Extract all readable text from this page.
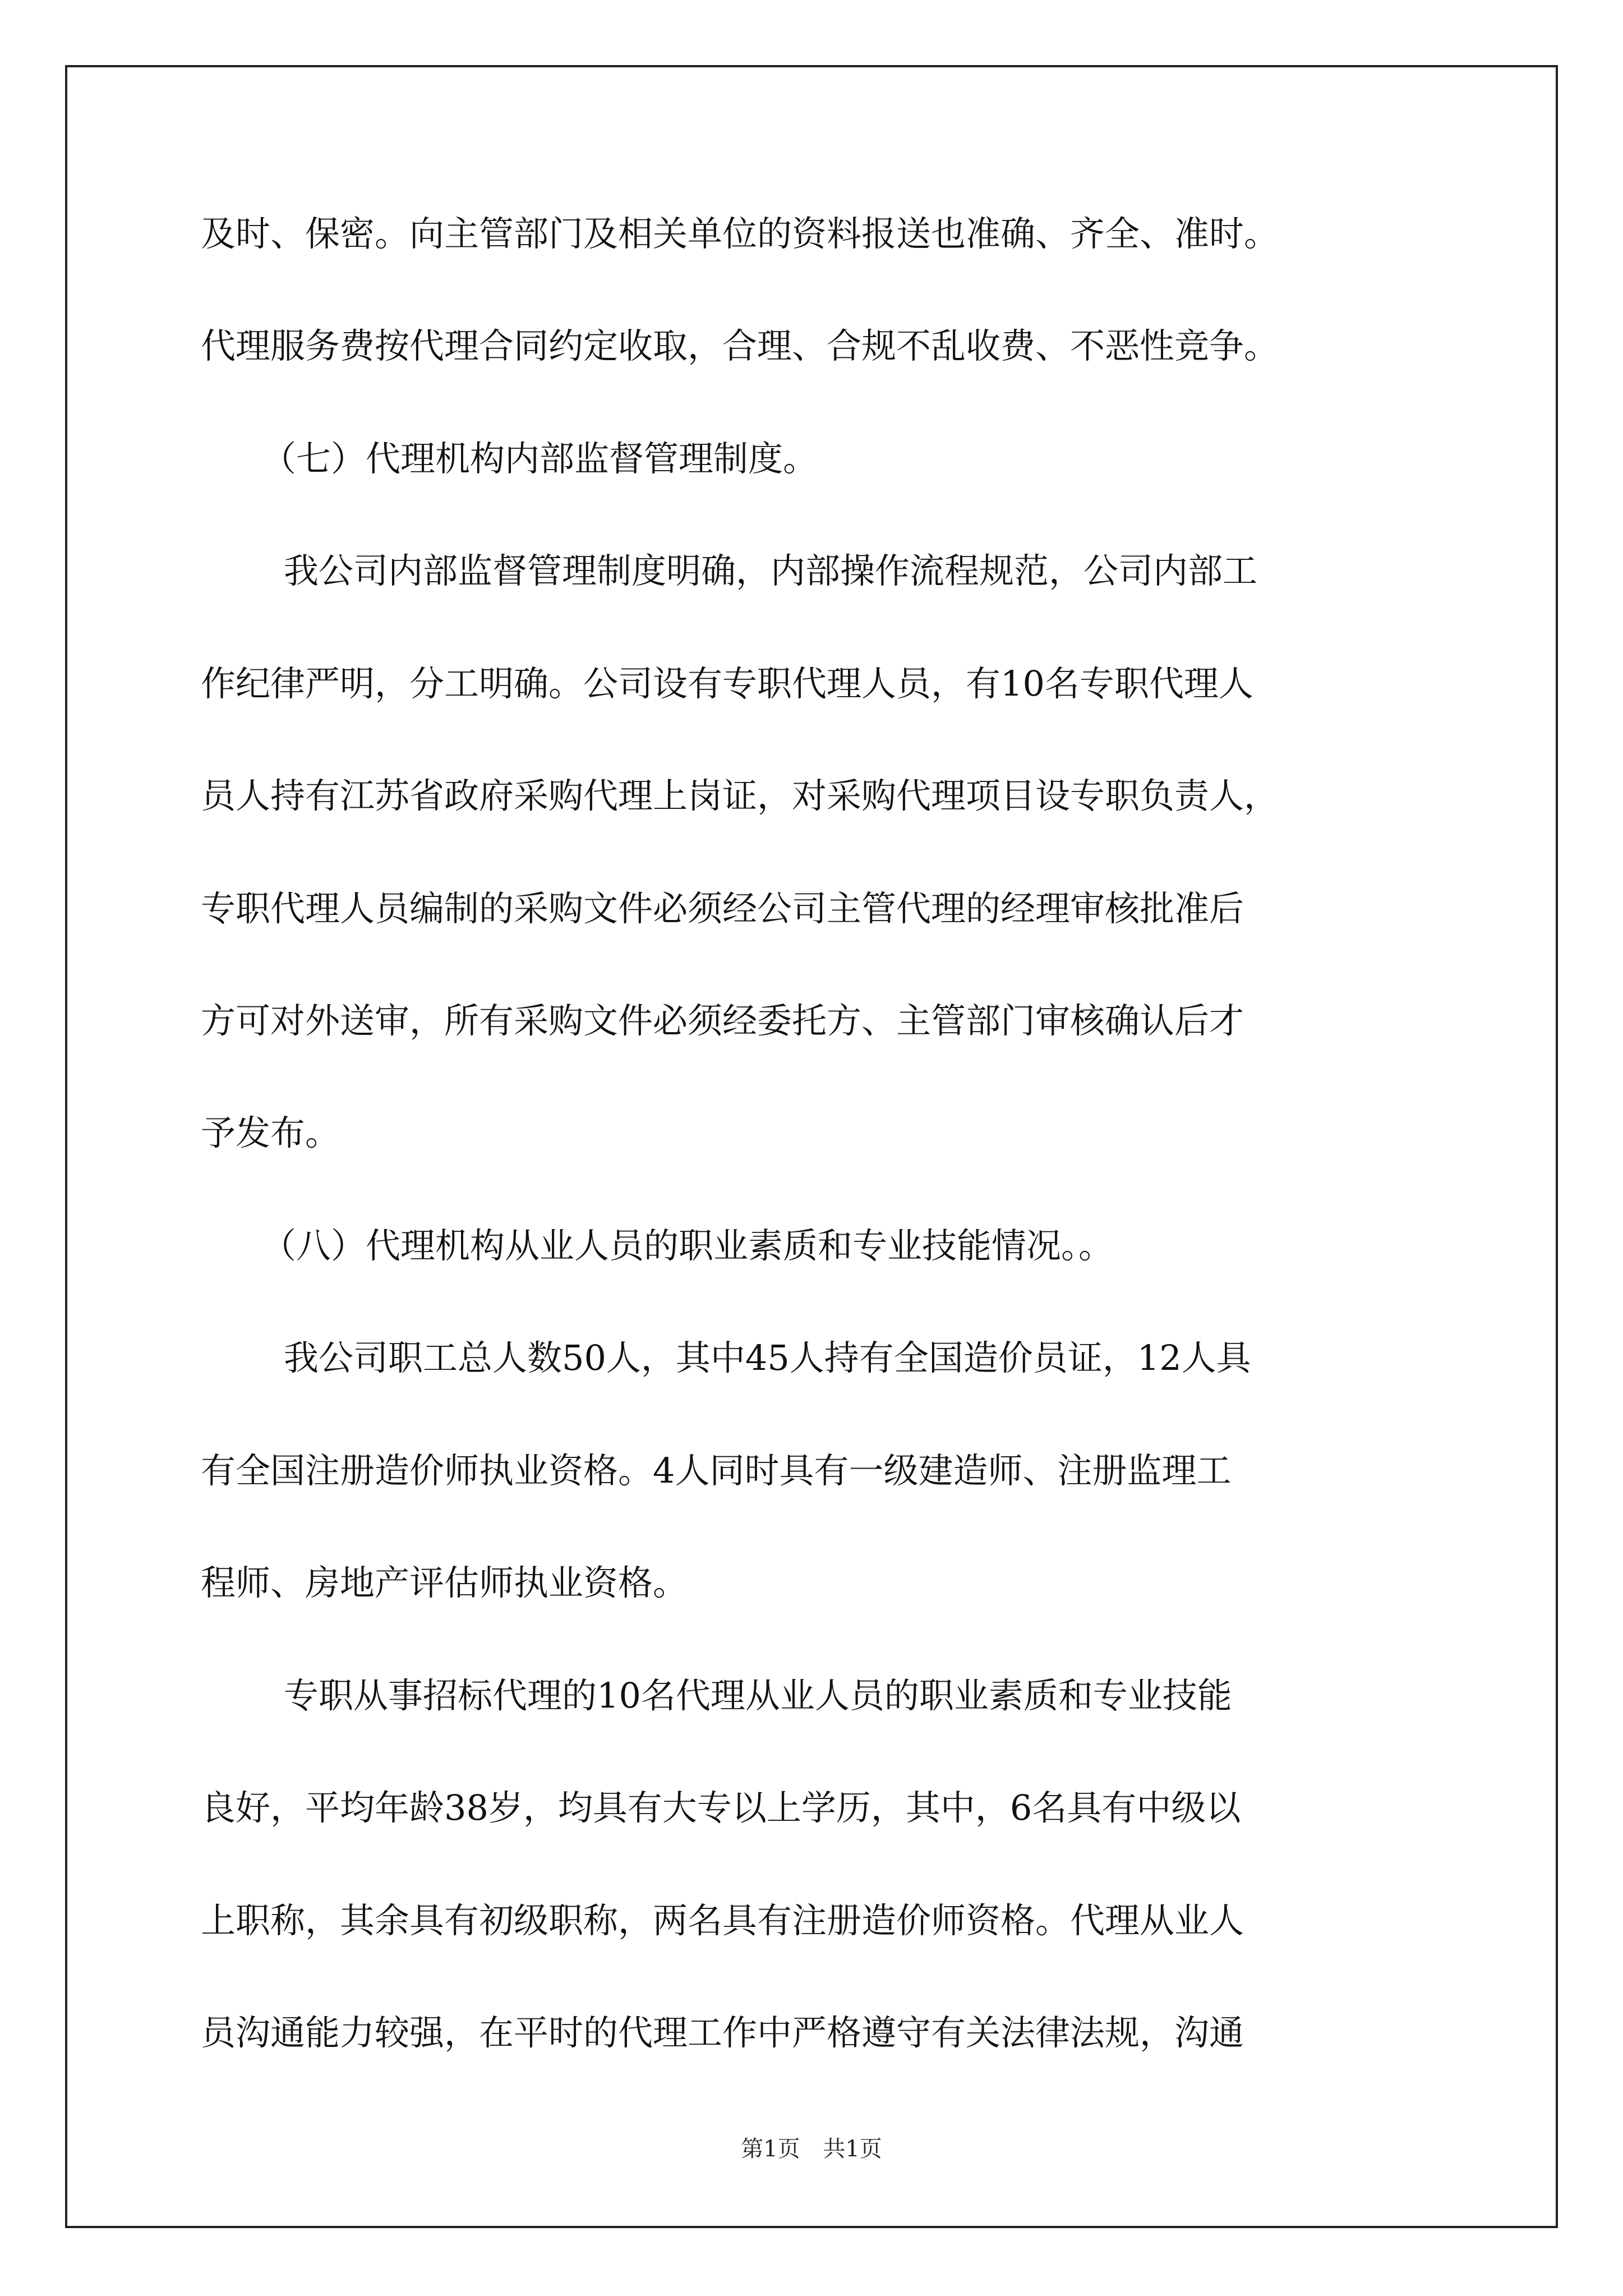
及时、保密。向主管部门及相关单位的资料报送也准确、齐全、准时。
代理服务费按代理合同约定收取，合理、合规不乱收费、不恶性竞争。
（七）代理机构内部监督管理制度。
我公司内部监督管理制度明确，内部操作流程规范，公司内部工
作纪律严明，分工明确。公司设有专职代理人员，有10名专职代理人
员人持有江苏省政府采购代理上岗证，对采购代理项目设专职负责人，
专职代理人员编制的采购文件必须经公司主管代理的经理审核批准后
方可对外送审，所有采购文件必须经委托方、主管部门审核确认后才
予发布。
（八）代理机构从业人员的职业素质和专业技能情况。。
我公司职工总人数50人，其中45人持有全国造价员证，12人具
有全国注册造价师执业资格。4人同时具有一级建造师、注册监理工
程师、房地产评估师执业资格。
专职从事招标代理的10名代理从业人员的职业素质和专业技能
良好，平均年龄38岁，均具有大专以上学历，其中，6名具有中级以
上职称，其余具有初级职称，两名具有注册造价师资格。代理从业人
员沟通能力较强，在平时的代理工作中严格遵守有关法律法规，沟通
第1页 共1页
